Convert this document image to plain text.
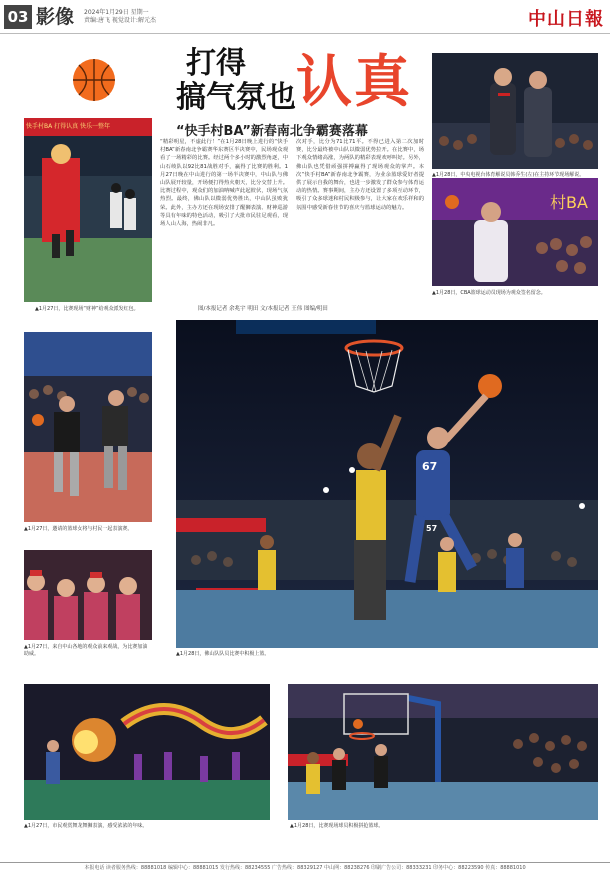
03 影像 2024年1月29日 星期一
责编:唐飞 视觉设计:解元杰	中山日報
打得
搞气氛也 认真
“快手村BA”新春南北争霸赛落幕
▲1月28日，中央电视台体育解说员韩乔生(左)在主持环节现场解说。
村BA
▲1月28日，CBA篮球运动员现场为观众签名留念。
快手村BA 打得认真 快乐一整年
▲1月27日，比赛现场“财神”给观众派发红包。
“精彩明星，不虚此行！”在1月28日晚上进行的“快手村BA”新春南北争霸赛华东赛区半决赛中，民场观众观看了一场精彩的比赛。经过两个多小时的激烈角逐，中山石岐队以92比81战胜对手，赢得了比赛的胜利。1月27日晚在中山进行的第一场半决赛中，中山队与佛山队展开较量，开场便打得热火朝天，比分交替上升。比赛过程中，观众们的加油呐喊声此起彼伏，现场气氛热烈。最终，佛山队以微弱优势胜出，中山队虽败犹荣。此外，主办方还在现场安排了醒狮表演、财神巡游等具有年味的特色活动，吸引了大批市民驻足观看，现场人山人海，热闹非凡。
次对手，比分为71比71平。不得已进入第二次加时赛，比分最终被中山队以微弱优势拉开。在比赛中，场下观众情绪高涨，为两队的精彩表现欢呼叫好。另外，佛山队也凭借顽强拼搏赢得了现场观众的掌声。本次“快手村BA”新春南北争霸赛，为业余篮球爱好者提供了展示自我的舞台，也进一步激发了群众参与体育运动的热情。赛事期间，主办方还设置了多项互动环节，吸引了众多球迷和村民积极参与，让大家在欢乐祥和的氛围中感受新春佳节的喜庆与篮球运动的魅力。
图/本报记者 余兆宇 明田 文/本报记者 王伟 图编/明田
▲1月27日，邀请的篮球女将与村民一起表演赛。
▲1月27日，来自中山各地的观众前来观战，为比赛加油助威。
67
57
▲1月28日，佛山队队员比赛中积极上篮。
▲1月27日，市民观赏舞龙舞狮表演，感受浓浓的年味。	▲1月28日，比赛现场球员积极拼抢篮球。
本报电话 读者服务热线：88881018 编辑中心：88881015 发行热线：88234555 广告热线：88329127 中山网：88238276 印刷广告公司：88333231 印务中心：88223590 传真：88881010
